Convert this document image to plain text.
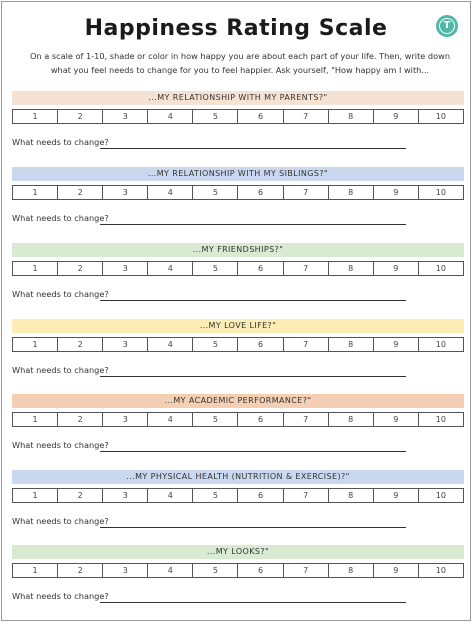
Happiness Rating Scale	T
On a scale of 1-10, shade or color in how happy you are about each part of your life. Then, write down what you feel needs to change for you to feel happier. Ask yourself, "How happy am I with...
...MY RELATIONSHIP WITH MY PARENTS?"
1	2	3	4	5	6	7	8	9	10
What needs to change?
...MY RELATIONSHIP WITH MY SIBLINGS?"
1	2	3	4	5	6	7	8	9	10
What needs to change?
...MY FRIENDSHIPS?"
1	2	3	4	5	6	7	8	9	10
What needs to change?
...MY LOVE LIFE?"
1	2	3	4	5	6	7	8	9	10
What needs to change?
...MY ACADEMIC PERFORMANCE?"
1	2	3	4	5	6	7	8	9	10
What needs to change?
...MY PHYSICAL HEALTH (NUTRITION & EXERCISE)?"
1	2	3	4	5	6	7	8	9	10
What needs to change?
...MY LOOKS?"
1	2	3	4	5	6	7	8	9	10
What needs to change?
